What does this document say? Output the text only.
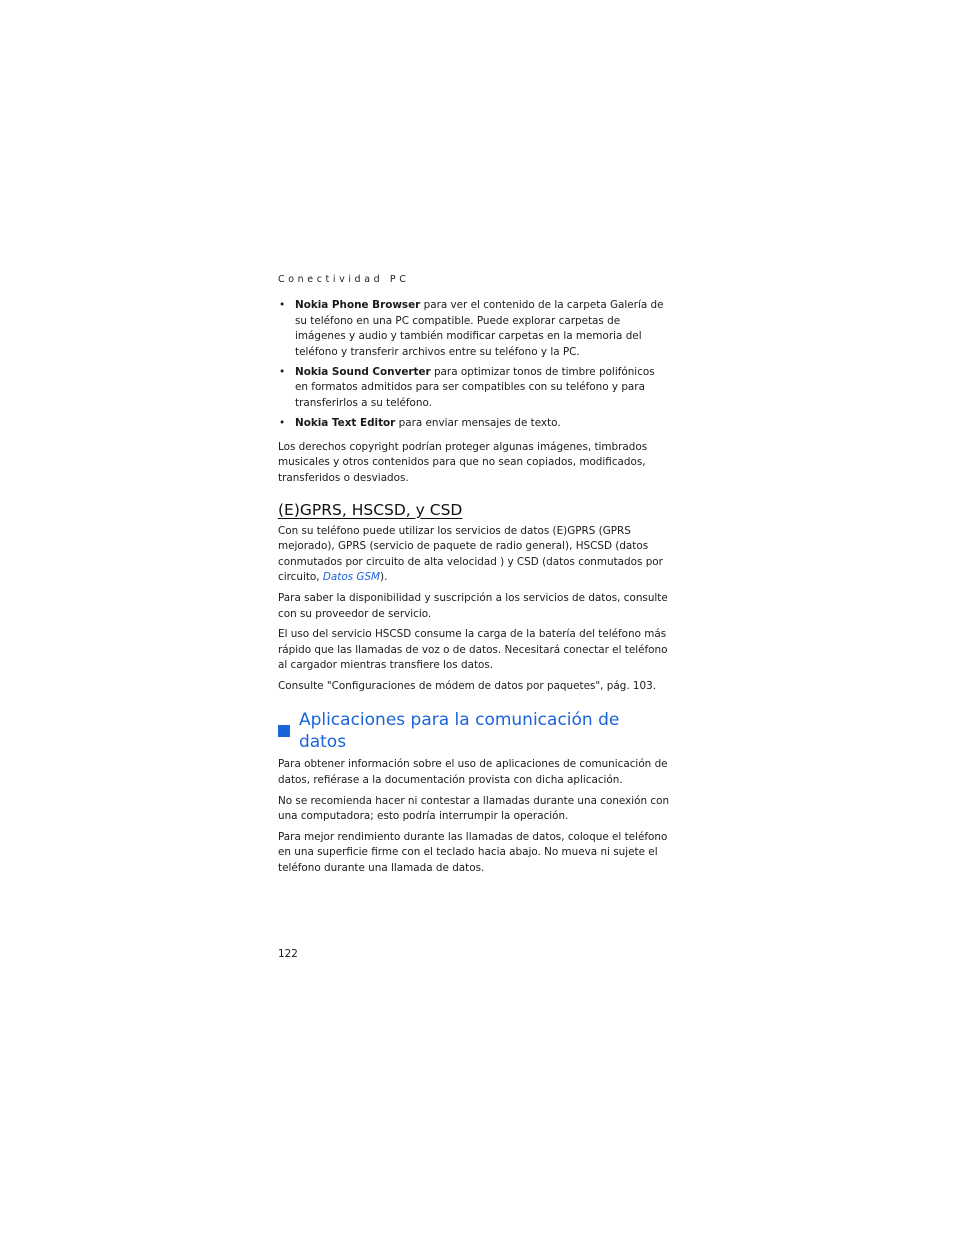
Conectividad PC
• Nokia Phone Browser para ver el contenido de la carpeta Galería de su teléfono en una PC compatible. Puede explorar carpetas de imágenes y audio y también modificar carpetas en la memoria del teléfono y transferir archivos entre su teléfono y la PC.
• Nokia Sound Converter para optimizar tonos de timbre polifónicos en formatos admitidos para ser compatibles con su teléfono y para transferirlos a su teléfono.
• Nokia Text Editor para enviar mensajes de texto.

Los derechos copyright podrían proteger algunas imágenes, timbrados musicales y otros contenidos para que no sean copiados, modificados, transferidos o desviados.

(E)GPRS, HSCSD, y CSD

Con su teléfono puede utilizar los servicios de datos (E)GPRS (GPRS mejorado), GPRS (servicio de paquete de radio general), HSCSD (datos conmutados por circuito de alta velocidad ) y CSD (datos conmutados por circuito, Datos GSM).

Para saber la disponibilidad y suscripción a los servicios de datos, consulte con su proveedor de servicio.

El uso del servicio HSCSD consume la carga de la batería del teléfono más rápido que las llamadas de voz o de datos. Necesitará conectar el teléfono al cargador mientras transfiere los datos.

Consulte "Configuraciones de módem de datos por paquetes", pág. 103.

Aplicaciones para la comunicación de datos

Para obtener información sobre el uso de aplicaciones de comunicación de datos, refiérase a la documentación provista con dicha aplicación.

No se recomienda hacer ni contestar a llamadas durante una conexión con una computadora; esto podría interrumpir la operación.

Para mejor rendimiento durante las llamadas de datos, coloque el teléfono en una superficie firme con el teclado hacia abajo. No mueva ni sujete el teléfono durante una llamada de datos.

122
